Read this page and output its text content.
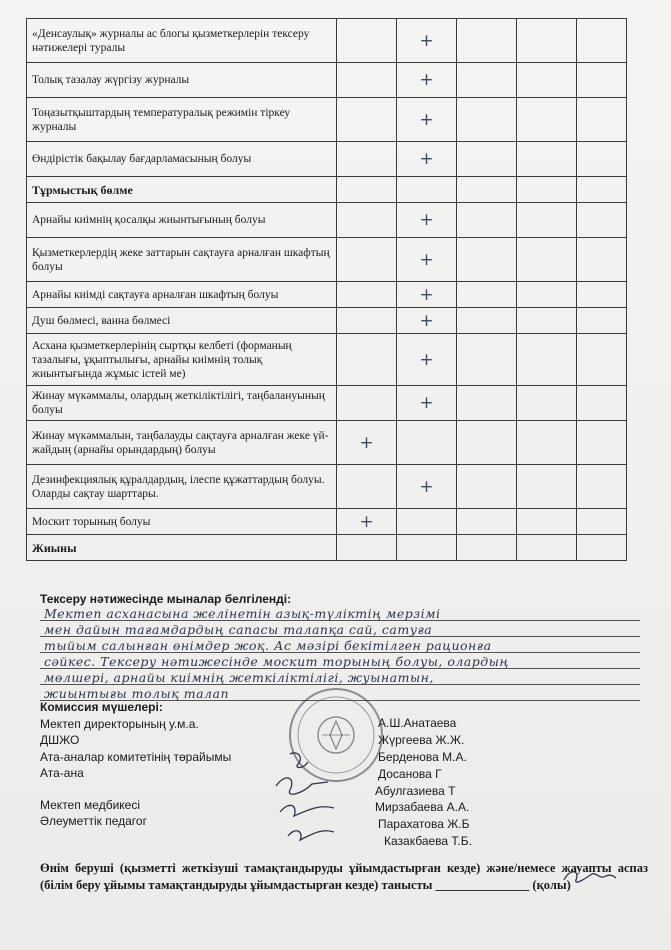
«Денсаулық» журналы ас блогы қызметкерлерін тексеру нәтижелері туралы		+			
Толық тазалау жүргізу журналы		+			
Тоңазытқыштардың температуралық режимін тіркеу журналы		+			
Өндірістік бақылау бағдарламасының болуы		+			
Тұрмыстық бөлме					
Арнайы киімнің қосалқы жиынтығының болуы		+			
Қызметкерлердің жеке заттарын сақтауға арналған шкафтың болуы		+			
Арнайы киімді сақтауға арналған шкафтың болуы		+			
Душ бөлмесі, ванна бөлмесі		+			
Асхана қызметкерлерінің сыртқы келбеті (форманың тазалығы, ұқыптылығы, арнайы киімнің толық жиынтығында жұмыс істей ме)		+			
Жинау мүкәммалы, олардың жеткіліктілігі, таңбалануының болуы		+			
Жинау мүкәммалын, таңбалауды сақтауға арналған жеке үй-жайдың (арнайы орындардың) болуы	+				
Дезинфекциялық құралдардың, ілеспе құжаттардың болуы. Оларды сақтау шарттары.		+			
Москит торының болуы	+				
Жиыны					
Тексеру нәтижесінде мыналар белгіленді:
Мектеп асханасына желінетін азық-түліктің мерзімі
мен дайын тағамдардың сапасы талапқа сай, сатуға
тыйым салынған өнімдер жоқ. Ас мәзірі бекітілген рационға
сәйкес. Тексеру нәтижесінде москит торының болуы, олардың
мөлшері, арнайы киімнің жеткіліктілігі, жуынатын,
жиынтығы толық талап
Комиссия мүшелері:
Мектеп директорының у.м.а.
ДШЖО
Ата-аналар комитетінің төрайымы
Ата-ана
Мектеп медбикесі
Әлеуметтік педагог
А.Ш.Анатаева
Жүргеева Ж.Ж.
Берденова М.А.
Досанова Г
Абулгазиева Т
Мирзабаева А.А.
Парахатова Ж.Б
Казакбаева Т.Б.
Өнім беруші (қызметті жеткізуші тамақтандыруды ұйымдастырған кезде) және/немесе жауапты аспаз (білім беру ұйымы тамақтандыруды ұйымдастырған кезде) танысты _______________ (қолы)
